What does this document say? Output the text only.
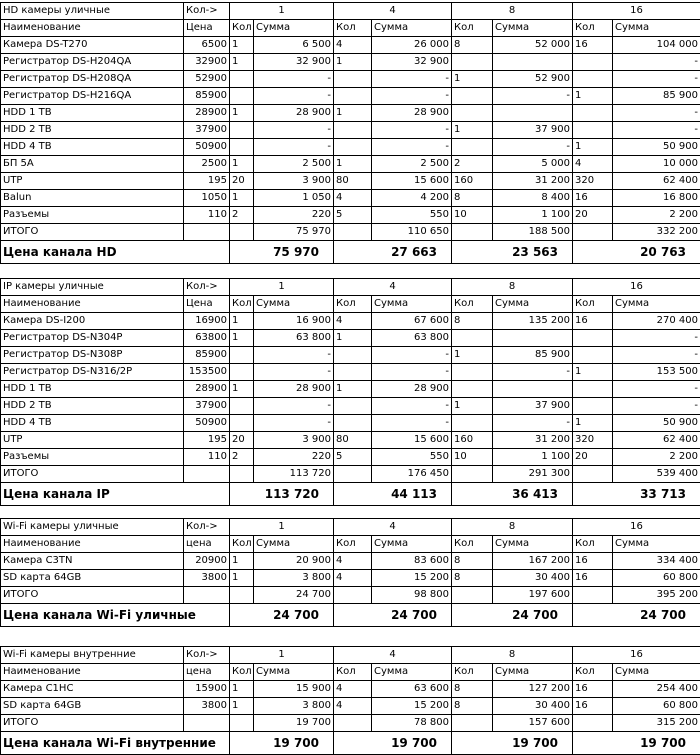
HD камеры уличные	Кол->	1		4		8		16	
Наименование	Цена	Кол	Сумма	Кол	Сумма	Кол	Сумма	Кол	Сумма
Камера DS-T270	6500	1	6 500	4	26 000	8	52 000	16	104 000
Регистратор DS-H204QA	32900	1	32 900	1	32 900				-
Регистратор DS-H208QA	52900		-		-	1	52 900		-
Регистратор DS-H216QA	85900		-		-		-	1	85 900
HDD 1 TB	28900	1	28 900	1	28 900				-
HDD 2 TB	37900		-		-	1	37 900		-
HDD 4 TB	50900		-		-		-	1	50 900
БП 5А	2500	1	2 500	1	2 500	2	5 000	4	10 000
UTP	195	20	3 900	80	15 600	160	31 200	320	62 400
Balun	1050	1	1 050	4	4 200	8	8 400	16	16 800
Разъемы	110	2	220	5	550	10	1 100	20	2 200
ИТОГО			75 970		110 650		188 500		332 200
Цена канала HD		75 970		27 663		23 563		20 763	
IP камеры уличные	Кол->	1		4		8		16	
Наименование	Цена	Кол	Сумма	Кол	Сумма	Кол	Сумма	Кол	Сумма
Камера DS-I200	16900	1	16 900	4	67 600	8	135 200	16	270 400
Регистратор DS-N304P	63800	1	63 800	1	63 800				-
Регистратор DS-N308P	85900		-		-	1	85 900		-
Регистратор DS-N316/2P	153500		-		-		-	1	153 500
HDD 1 TB	28900	1	28 900	1	28 900				-
HDD 2 TB	37900		-		-	1	37 900		-
HDD 4 TB	50900		-		-		-	1	50 900
UTP	195	20	3 900	80	15 600	160	31 200	320	62 400
Разъемы	110	2	220	5	550	10	1 100	20	2 200
ИТОГО			113 720		176 450		291 300		539 400
Цена канала IP		113 720		44 113		36 413		33 713	
Wi-Fi камеры уличные	Кол->	1		4		8		16	
Наименование	цена	Кол	Сумма	Кол	Сумма	Кол	Сумма	Кол	Сумма
Камера C3TN	20900	1	20 900	4	83 600	8	167 200	16	334 400
SD карта 64GB	3800	1	3 800	4	15 200	8	30 400	16	60 800
ИТОГО			24 700		98 800		197 600		395 200
Цена канала Wi-Fi уличные		24 700		24 700		24 700		24 700	
Wi-Fi камеры внутренние	Кол->	1		4		8		16	
Наименование	цена	Кол	Сумма	Кол	Сумма	Кол	Сумма	Кол	Сумма
Камера C1HC	15900	1	15 900	4	63 600	8	127 200	16	254 400
SD карта 64GB	3800	1	3 800	4	15 200	8	30 400	16	60 800
ИТОГО			19 700		78 800		157 600		315 200
Цена канала Wi-Fi внутренние		19 700		19 700		19 700		19 700	
